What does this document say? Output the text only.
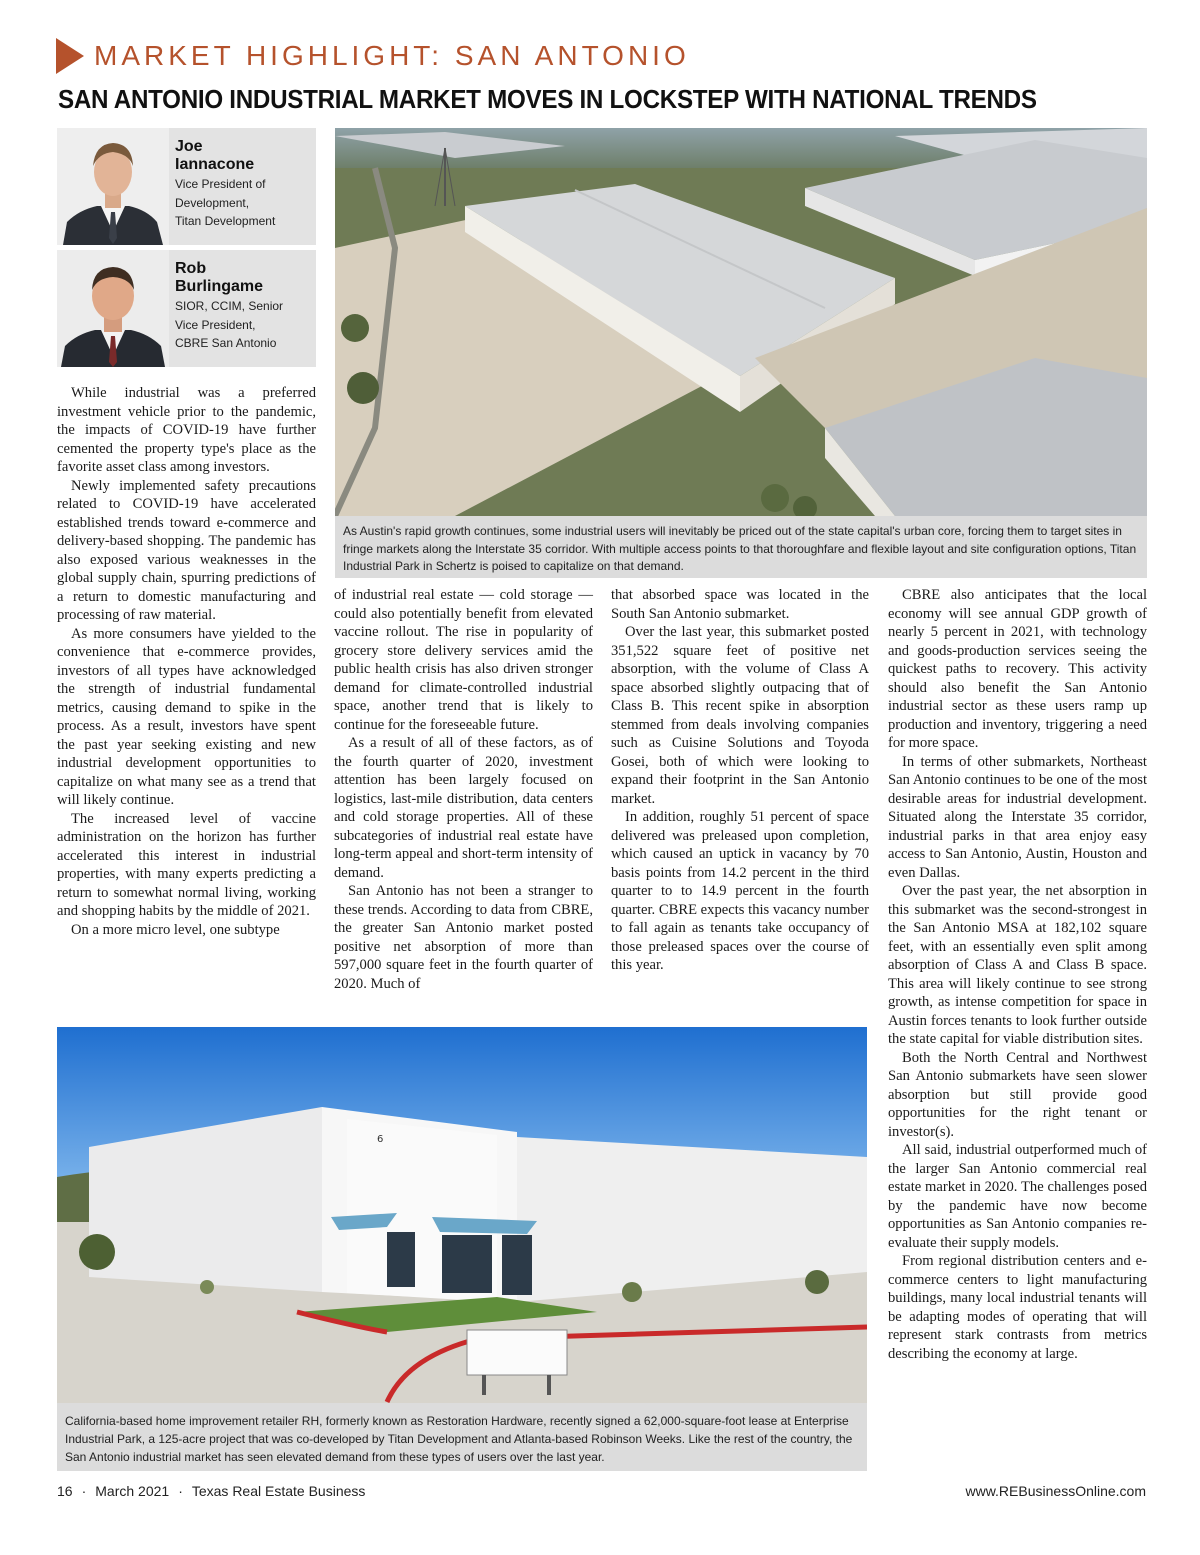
MARKET HIGHLIGHT: SAN ANTONIO
SAN ANTONIO INDUSTRIAL MARKET MOVES IN LOCKSTEP WITH NATIONAL TRENDS
Joe
Iannacone
Vice President of
Development,
Titan Development
Rob
Burlingame
SIOR, CCIM, Senior
Vice President,
CBRE San Antonio
As Austin's rapid growth continues, some industrial users will inevitably be priced out of the state capital's urban core, forcing them to target sites in fringe markets along the Interstate 35 corridor. With multiple access points to that thoroughfare and flexible layout and site configuration options, Titan Industrial Park in Schertz is poised to capitalize on that demand.

While industrial was a preferred investment vehicle prior to the pandemic, the impacts of COVID-19 have further cemented the property type's place as the favorite asset class among investors.

Newly implemented safety precautions related to COVID-19 have accelerated established trends toward e-commerce and delivery-based shopping. The pandemic has also exposed various weaknesses in the global supply chain, spurring predictions of a return to domestic manufacturing and processing of raw material.

As more consumers have yielded to the convenience that e-commerce provides, investors of all types have acknowledged the strength of industrial fundamental metrics, causing demand to spike in the process. As a result, investors have spent the past year seeking existing and new industrial development opportunities to capitalize on what many see as a trend that will likely continue.

The increased level of vaccine administration on the horizon has further accelerated this interest in industrial properties, with many experts predicting a return to somewhat normal living, working and shopping habits by the middle of 2021.

On a more micro level, one subtype

of industrial real estate — cold storage — could also potentially benefit from elevated vaccine rollout. The rise in popularity of grocery store delivery services amid the public health crisis has also driven stronger demand for climate-controlled industrial space, another trend that is likely to continue for the foreseeable future.

As a result of all of these factors, as of the fourth quarter of 2020, investment attention has been largely focused on logistics, last-mile distribution, data centers and cold storage properties. All of these subcategories of industrial real estate have long-term appeal and short-term intensity of demand.

San Antonio has not been a stranger to these trends. According to data from CBRE, the greater San Antonio market posted positive net absorption of more than 597,000 square feet in the fourth quarter of 2020. Much of

that absorbed space was located in the South San Antonio submarket.

Over the last year, this submarket posted 351,522 square feet of positive net absorption, with the volume of Class A space absorbed slightly outpacing that of Class B. This recent spike in absorption stemmed from deals involving companies such as Cuisine Solutions and Toyoda Gosei, both of which were looking to expand their footprint in the San Antonio market.

In addition, roughly 51 percent of space delivered was preleased upon completion, which caused an uptick in vacancy by 70 basis points from 14.2 percent in the third quarter to to 14.9 percent in the fourth quarter. CBRE expects this vacancy number to fall again as tenants take occupancy of those preleased spaces over the course of this year.

CBRE also anticipates that the local economy will see annual GDP growth of nearly 5 percent in 2021, with technology and goods-production services seeing the quickest paths to recovery. This activity should also benefit the San Antonio industrial sector as these users ramp up production and inventory, triggering a need for more space.

In terms of other submarkets, Northeast San Antonio continues to be one of the most desirable areas for industrial development. Situated along the Interstate 35 corridor, industrial parks in that area enjoy easy access to San Antonio, Austin, Houston and even Dallas.

Over the past year, the net absorption in this submarket was the second-strongest in the San Antonio MSA at 182,102 square feet, with an essentially even split among absorption of Class A and Class B space. This area will likely continue to see strong growth, as intense competition for space in Austin forces tenants to look further outside the state capital for viable distribution sites.

Both the North Central and Northwest San Antonio submarkets have seen slower absorption but still provide good opportunities for the right tenant or investor(s).

All said, industrial outperformed much of the larger San Antonio commercial real estate market in 2020. The challenges posed by the pandemic have now become opportunities as San Antonio companies re-evaluate their supply models.

From regional distribution centers and e-commerce centers to light manufacturing buildings, many local industrial tenants will be adapting modes of operating that will represent stark contrasts from metrics describing the economy at large.

6
California-based home improvement retailer RH, formerly known as Restoration Hardware, recently signed a 62,000-square-foot lease at Enterprise Industrial Park, a 125-acre project that was co-developed by Titan Development and Atlanta-based Robinson Weeks. Like the rest of the country, the San Antonio industrial market has seen elevated demand from these types of users over the last year.
16 · March 2021 · Texas Real Estate Business	www.REBusinessOnline.com
